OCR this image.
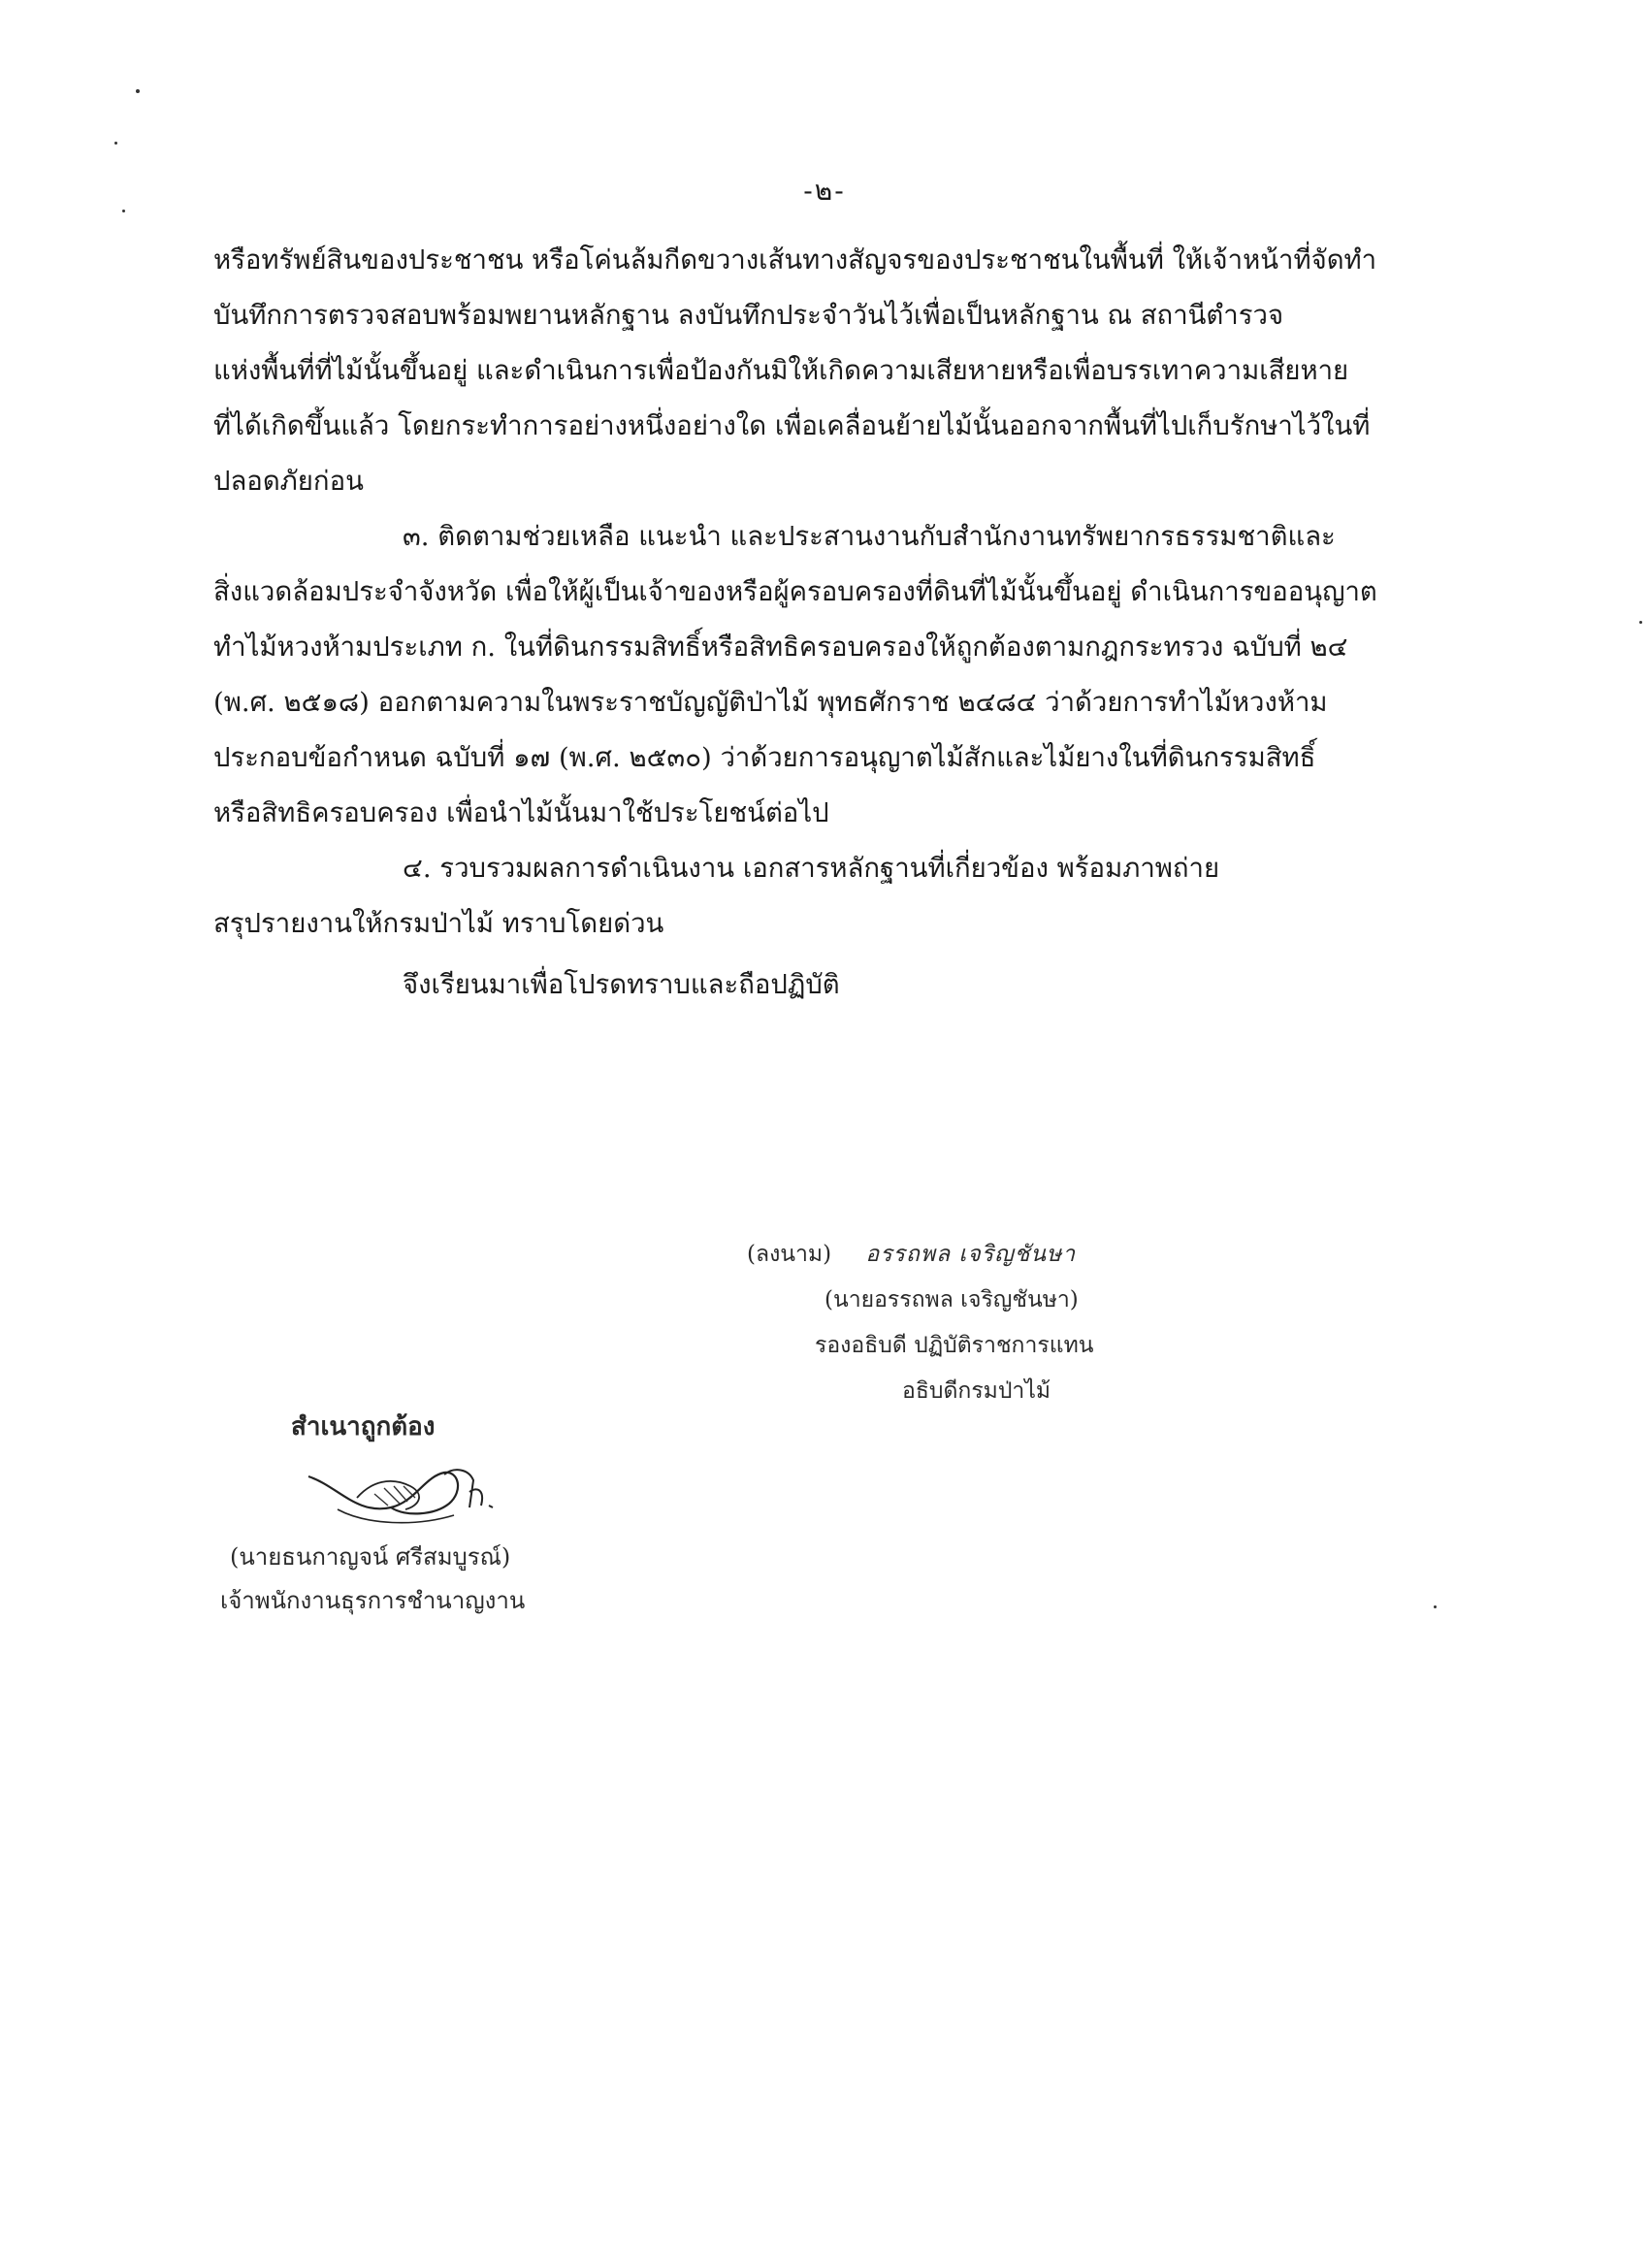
-๒-
หรือทรัพย์สินของประชาชน หรือโค่นล้มกีดขวางเส้นทางสัญจรของประชาชนในพื้นที่ ให้เจ้าหน้าที่จัดทำ
บันทึกการตรวจสอบพร้อมพยานหลักฐาน ลงบันทึกประจำวันไว้เพื่อเป็นหลักฐาน ณ สถานีตำรวจ
แห่งพื้นที่ที่ไม้นั้นขึ้นอยู่ และดำเนินการเพื่อป้องกันมิให้เกิดความเสียหายหรือเพื่อบรรเทาความเสียหาย
ที่ได้เกิดขึ้นแล้ว โดยกระทำการอย่างหนึ่งอย่างใด เพื่อเคลื่อนย้ายไม้นั้นออกจากพื้นที่ไปเก็บรักษาไว้ในที่
ปลอดภัยก่อน
๓. ติดตามช่วยเหลือ แนะนำ และประสานงานกับสำนักงานทรัพยากรธรรมชาติและ
สิ่งแวดล้อมประจำจังหวัด เพื่อให้ผู้เป็นเจ้าของหรือผู้ครอบครองที่ดินที่ไม้นั้นขึ้นอยู่ ดำเนินการขออนุญาต
ทำไม้หวงห้ามประเภท ก. ในที่ดินกรรมสิทธิ์หรือสิทธิครอบครองให้ถูกต้องตามกฎกระทรวง ฉบับที่ ๒๔
(พ.ศ. ๒๕๑๘) ออกตามความในพระราชบัญญัติป่าไม้ พุทธศักราช ๒๔๘๔ ว่าด้วยการทำไม้หวงห้าม
ประกอบข้อกำหนด ฉบับที่ ๑๗ (พ.ศ. ๒๕๓๐) ว่าด้วยการอนุญาตไม้สักและไม้ยางในที่ดินกรรมสิทธิ์
หรือสิทธิครอบครอง เพื่อนำไม้นั้นมาใช้ประโยชน์ต่อไป
๔. รวบรวมผลการดำเนินงาน เอกสารหลักฐานที่เกี่ยวข้อง พร้อมภาพถ่าย
สรุปรายงานให้กรมป่าไม้ ทราบโดยด่วน
จึงเรียนมาเพื่อโปรดทราบและถือปฏิบัติ
(ลงนาม) อรรถพล เจริญชันษา
(นายอรรถพล เจริญชันษา)
รองอธิบดี ปฏิบัติราชการแทน
อธิบดีกรมป่าไม้
สำเนาถูกต้อง
(นายธนกาญจน์ ศรีสมบูรณ์)
เจ้าพนักงานธุรการชำนาญงาน
